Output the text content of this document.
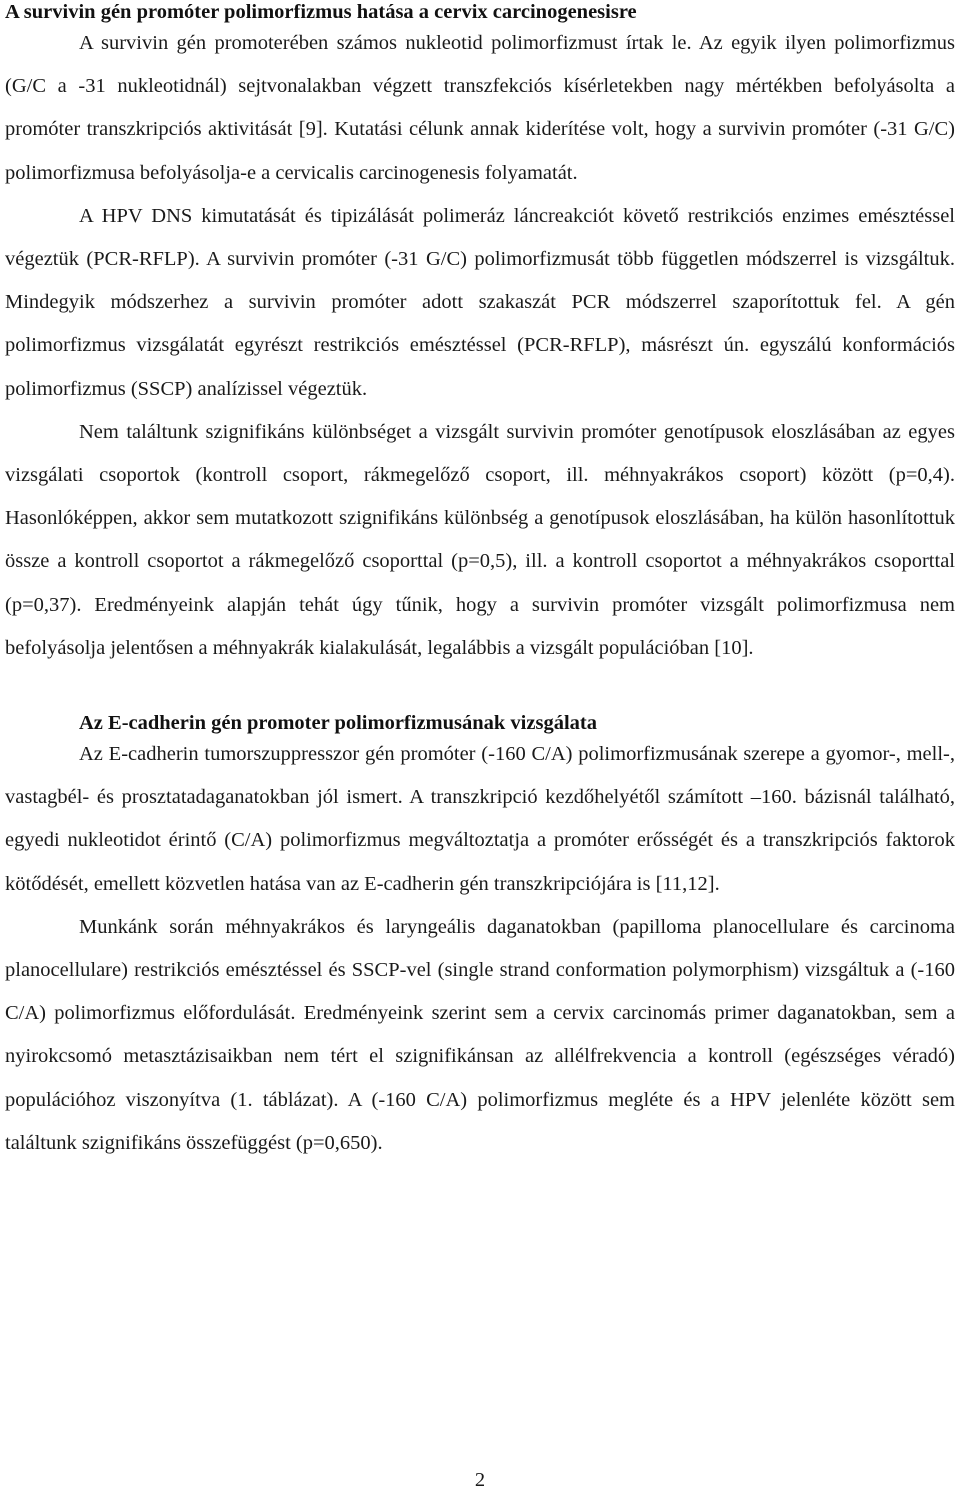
A survivin gén promóter polimorfizmus hatása a cervix carcinogenesisre

A survivin gén promoterében számos nukleotid polimorfizmust írtak le. Az egyik ilyen polimorfizmus (G/C a -31 nukleotidnál) sejtvonalakban végzett transzfekciós kísérletekben nagy mértékben befolyásolta a promóter transzkripciós aktivitását [9]. Kutatási célunk annak kiderítése volt, hogy a survivin promóter (-31 G/C) polimorfizmusa befolyásolja-e a cervicalis carcinogenesis folyamatát.

A HPV DNS kimutatását és tipizálását polimeráz láncreakciót követő restrikciós enzimes emésztéssel végeztük (PCR-RFLP). A survivin promóter (-31 G/C) polimorfizmusát több független módszerrel is vizsgáltuk. Mindegyik módszerhez a survivin promóter adott szakaszát PCR módszerrel szaporítottuk fel. A gén polimorfizmus vizsgálatát egyrészt restrikciós emésztéssel (PCR-RFLP), másrészt ún. egyszálú konformációs polimorfizmus (SSCP) analízissel végeztük.

Nem találtunk szignifikáns különbséget a vizsgált survivin promóter genotípusok eloszlásában az egyes vizsgálati csoportok (kontroll csoport, rákmegelőző csoport, ill. méhnyakrákos csoport) között (p=0,4). Hasonlóképpen, akkor sem mutatkozott szignifikáns különbség a genotípusok eloszlásában, ha külön hasonlítottuk össze a kontroll csoportot a rákmegelőző csoporttal (p=0,5), ill. a kontroll csoportot a méhnyakrákos csoporttal (p=0,37). Eredményeink alapján tehát úgy tűnik, hogy a survivin promóter vizsgált polimorfizmusa nem befolyásolja jelentősen a méhnyakrák kialakulását, legalábbis a vizsgált populációban [10].

Az E-cadherin gén promoter polimorfizmusának vizsgálata

Az E-cadherin tumorszuppresszor gén promóter (-160 C/A) polimorfizmusának szerepe a gyomor-, mell-, vastagbél- és prosztatadaganatokban jól ismert. A transzkripció kezdőhelyétől számított –160. bázisnál található, egyedi nukleotidot érintő (C/A) polimorfizmus megváltoztatja a promóter erősségét és a transzkripciós faktorok kötődését, emellett közvetlen hatása van az E-cadherin gén transzkripciójára is [11,12].

Munkánk során méhnyakrákos és laryngeális daganatokban (papilloma planocellulare és carcinoma planocellulare) restrikciós emésztéssel és SSCP-vel (single strand conformation polymorphism) vizsgáltuk a (-160 C/A) polimorfizmus előfordulását. Eredményeink szerint sem a cervix carcinomás primer daganatokban, sem a nyirokcsomó metasztázisaikban nem tért el szignifikánsan az allélfrekvencia a kontroll (egészséges véradó) populációhoz viszonyítva (1. táblázat). A (-160 C/A) polimorfizmus megléte és a HPV jelenléte között sem találtunk szignifikáns összefüggést (p=0,650).

2
